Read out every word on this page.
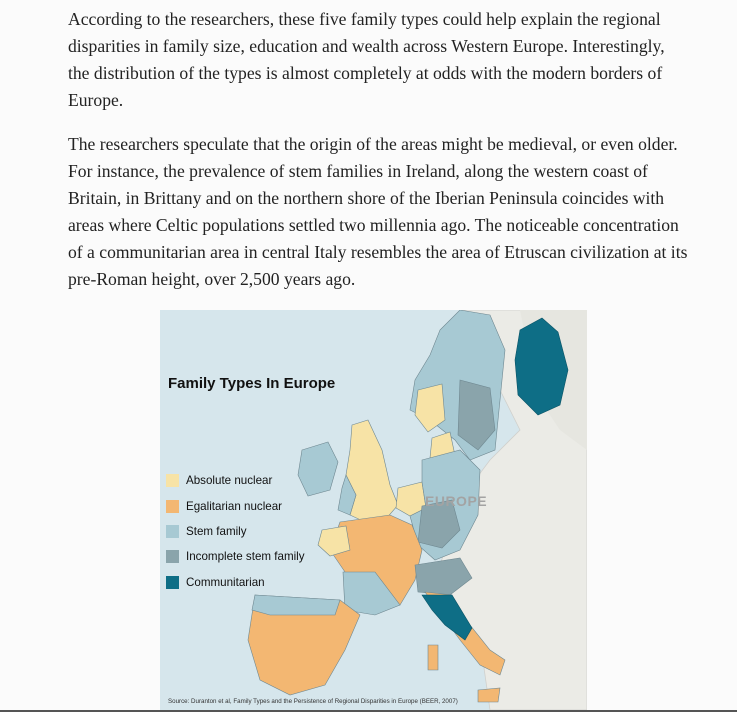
According to the researchers, these five family types could help explain the regional disparities in family size, education and wealth across Western Europe. Interestingly, the distribution of the types is almost completely at odds with the modern borders of Europe.

The researchers speculate that the origin of the areas might be medieval, or even older. For instance, the prevalence of stem families in Ireland, along the western coast of Britain, in Brittany and on the northern shore of the Iberian Peninsula coincides with areas where Celtic populations settled two millennia ago. The noticeable concentration of a communitarian area in central Italy resembles the area of Etruscan civilization at its pre-Roman height, over 2,500 years ago.

Family Types In Europe
Absolute nuclear
Egalitarian nuclear
Stem family
Incomplete stem family
Communitarian
EUROPE
Source: Duranton et al, Family Types and the Persistence of Regional Disparities in Europe (BEER, 2007)
